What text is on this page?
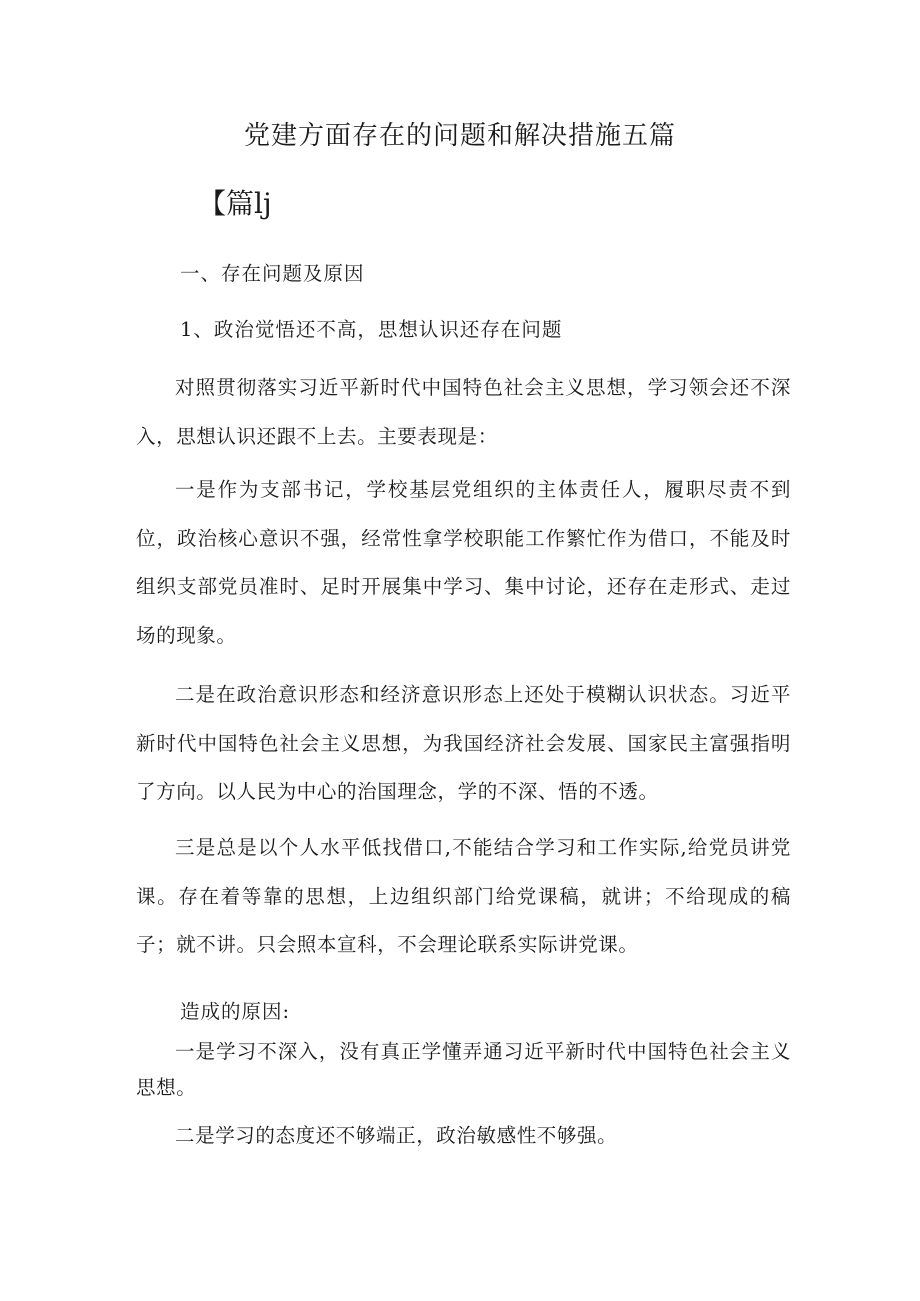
党建方面存在的问题和解决措施五篇
【篇lj
一、存在问题及原因
1、政治觉悟还不高，思想认识还存在问题

对照贯彻落实习近平新时代中国特色社会主义思想，学习领会还不深入，思想认识还跟不上去。主要表现是：

一是作为支部书记，学校基层党组织的主体责任人，履职尽责不到位，政治核心意识不强，经常性拿学校职能工作繁忙作为借口，不能及时组织支部党员准时、足时开展集中学习、集中讨论，还存在走形式、走过场的现象。

二是在政治意识形态和经济意识形态上还处于模糊认识状态。习近平新时代中国特色社会主义思想，为我国经济社会发展、国家民主富强指明了方向。以人民为中心的治国理念，学的不深、悟的不透。

三是总是以个人水平低找借口,不能结合学习和工作实际,给党员讲党课。存在着等靠的思想，上边组织部门给党课稿，就讲；不给现成的稿子；就不讲。只会照本宣科，不会理论联系实际讲党课。

造成的原因:

一是学习不深入，没有真正学懂弄通习近平新时代中国特色社会主义思想。

二是学习的态度还不够端正，政治敏感性不够强。
